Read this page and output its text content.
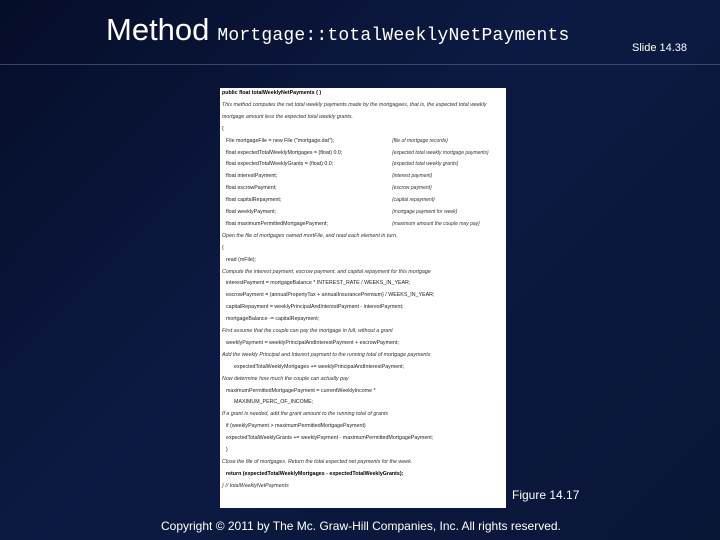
Method Mortgage::totalWeeklyNetPayments
Slide 14.38
public float totalWeeklyNetPayments ( )
This method computes the net total weekly payments made by the mortgagees, that is, the expected total weekly
mortgage amount less the expected total weekly grants.
{
File mortgageFile = new File ("mortgage.dat");	{file of mortgage records}
float expectedTotalWeeklyMortgages = (float) 0.0;	{expected total weekly mortgage payments}
float expectedTotalWeeklyGrants = (float) 0.0;	{expected total weekly grants}
float interestPayment;	{interest payment}
float escrowPayment;	{escrow payment}
float capitalRepayment;	{capital repayment}
float weeklyPayment;	{mortgage payment for week}
float maximumPermittedMortgagePayment;	{maximum amount the couple may pay}
Open the file of mortgages named mortFile, and read each element in turn.
{
read (mFile);
Compute the interest payment, escrow payment, and capital repayment for this mortgage
interestPayment = mortgageBalance * INTEREST_RATE / WEEKS_IN_YEAR;
escrowPayment = (annualPropertyTax + annualInsurancePremium) / WEEKS_IN_YEAR;
capitalRepayment = weeklyPrincipalAndInterestPayment - interestPayment;
mortgageBalance -= capitalRepayment;
First assume that the couple can pay the mortgage in full, without a grant
weeklyPayment = weeklyPrincipalAndInterestPayment + escrowPayment;
Add the weekly Principal and Interest payment to the running total of mortgage payments
expectedTotalWeeklyMortgages += weeklyPrincipalAndInterestPayment;
Now determine how much the couple can actually pay
maximumPermittedMortgagePayment = currentWeeklyIncome *
MAXIMUM_PERC_OF_INCOME;
If a grant is needed, add the grant amount to the running total of grants
if (weeklyPayment > maximumPermittedMortgagePayment)
expectedTotalWeeklyGrants += weeklyPayment - maximumPermittedMortgagePayment;
}
Close the file of mortgages. Return the total expected net payments for the week.
return (expectedTotalWeeklyMortgages - expectedTotalWeeklyGrants);
} // totalWeeklyNetPayments
Figure 14.17
Copyright © 2011 by The Mc. Graw-Hill Companies, Inc. All rights reserved.
